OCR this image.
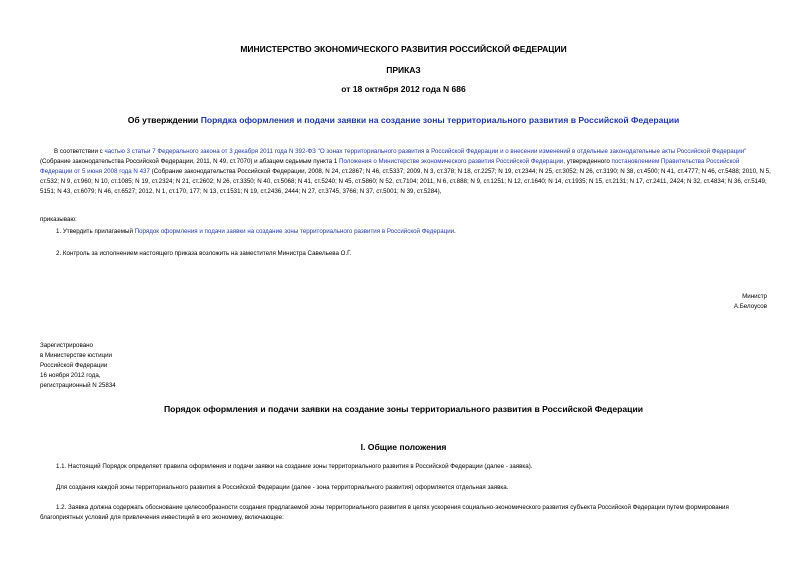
МИНИСТЕРСТВО ЭКОНОМИЧЕСКОГО РАЗВИТИЯ РОССИЙСКОЙ ФЕДЕРАЦИИ
ПРИКАЗ
от 18 октября 2012 года N 686
Об утверждении Порядка оформления и подачи заявки на создание зоны территориального развития в Российской Федерации
В соответствии с частью 3 статьи 7 Федерального закона от 3 декабря 2011 года N 392-ФЗ "О зонах территориального развития в Российской Федерации и о внесении изменений в отдельные законодательные акты Российской Федерации" (Собрание законодательства Российской Федерации, 2011, N 49, ст.7070) и абзацем седьмым пункта 1 Положения о Министерстве экономического развития Российской Федерации, утвержденного постановлением Правительства Российской Федерации от 5 июня 2008 года N 437 (Собрание законодательства Российской Федерации, 2008, N 24, ст.2867; N 46, ст.5337; 2009, N 3, ст.378; N 18, ст.2257; N 19, ст.2344; N 25, ст.3052; N 26, ст.3190; N 38, ст.4500; N 41, ст.4777; N 46, ст.5488; 2010, N 5, ст.532; N 9, ст.960; N 10, ст.1085; N 19, ст.2324; N 21, ст.2602; N 26, ст.3350; N 40, ст.5068; N 41, ст.5240; N 45, ст.5860; N 52, ст.7104; 2011, N 6, ст.888; N 9, ст.1251; N 12, ст.1640; N 14, ст.1935; N 15, ст.2131; N 17, ст.2411, 2424; N 32, ст.4834; N 36, ст.5149, 5151; N 43, ст.6079; N 46, ст.6527; 2012, N 1, ст.170, 177; N 13, ст.1531; N 19, ст.2436, 2444; N 27, ст.3745, 3766; N 37, ст.5001; N 39, ст.5284),
приказываю:
1. Утвердить прилагаемый Порядок оформления и подачи заявки на создание зоны территориального развития в Российской Федерации.
2. Контроль за исполнением настоящего приказа возложить на заместителя Министра Савельева О.Г.
Министр
А.Белоусов
Зарегистрировано
в Министерстве юстиции
Российской Федерации
16 ноября 2012 года,
регистрационный N 25834
Порядок оформления и подачи заявки на создание зоны территориального развития в Российской Федерации
I. Общие положения
1.1. Настоящий Порядок определяет правила оформления и подачи заявки на создание зоны территориального развития в Российской Федерации (далее - заявка).
Для создания каждой зоны территориального развития в Российской Федерации (далее - зона территориального развития) оформляется отдельная заявка.
1.2. Заявка должна содержать обоснование целесообразности создания предлагаемой зоны территориального развития в целях ускорения социально-экономического развития субъекта Российской Федерации путем формирования благоприятных условий для привлечения инвестиций в его экономику, включающее:
